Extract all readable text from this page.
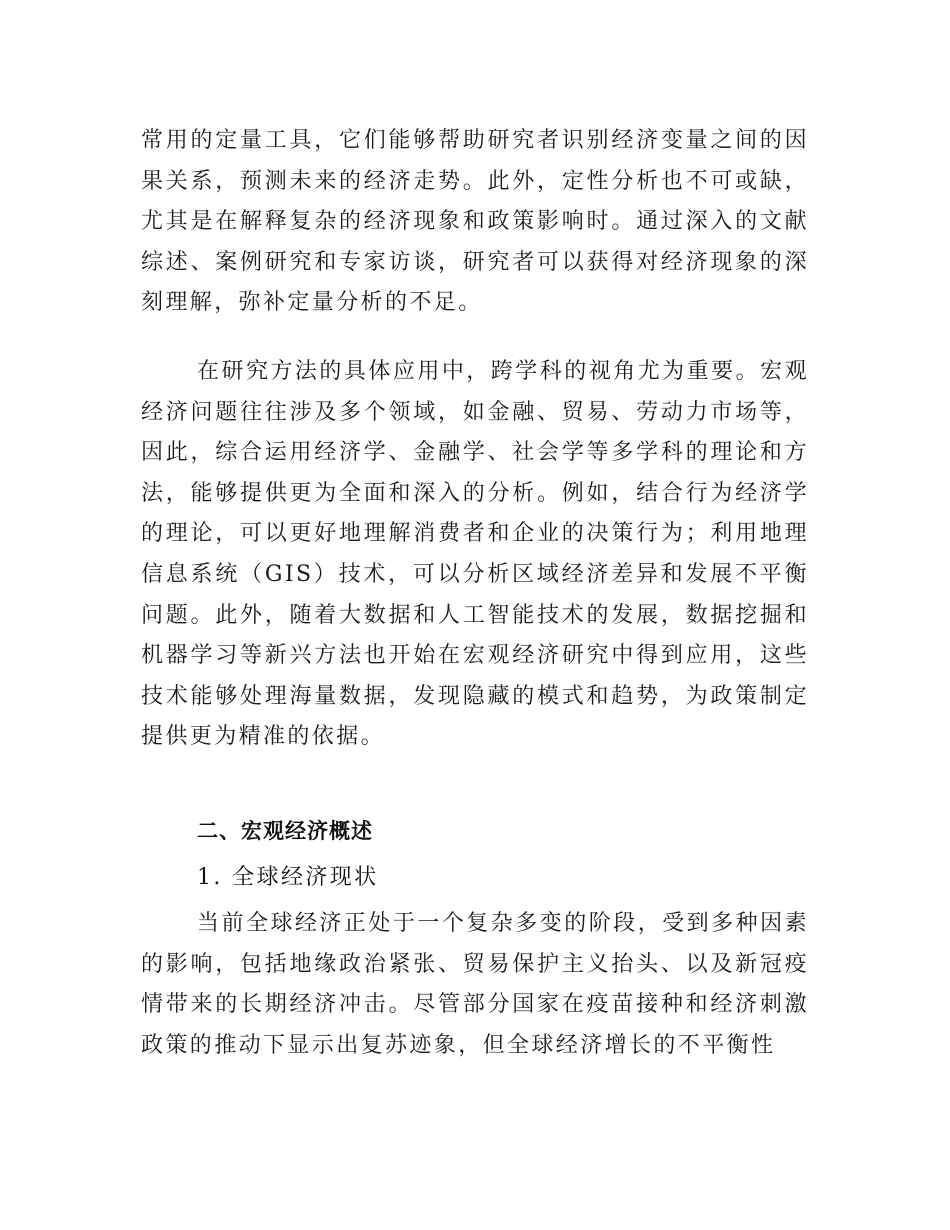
常用的定量工具，它们能够帮助研究者识别经济变量之间的因果关系，预测未来的经济走势。此外，定性分析也不可或缺，尤其是在解释复杂的经济现象和政策影响时。通过深入的文献综述、案例研究和专家访谈，研究者可以获得对经济现象的深刻理解，弥补定量分析的不足。

在研究方法的具体应用中，跨学科的视角尤为重要。宏观经济问题往往涉及多个领域，如金融、贸易、劳动力市场等，因此，综合运用经济学、金融学、社会学等多学科的理论和方法，能够提供更为全面和深入的分析。例如，结合行为经济学的理论，可以更好地理解消费者和企业的决策行为；利用地理信息系统（GIS）技术，可以分析区域经济差异和发展不平衡问题。此外，随着大数据和人工智能技术的发展，数据挖掘和机器学习等新兴方法也开始在宏观经济研究中得到应用，这些技术能够处理海量数据，发现隐藏的模式和趋势，为政策制定提供更为精准的依据。

二、宏观经济概述

1. 全球经济现状

当前全球经济正处于一个复杂多变的阶段，受到多种因素的影响，包括地缘政治紧张、贸易保护主义抬头、以及新冠疫情带来的长期经济冲击。尽管部分国家在疫苗接种和经济刺激政策的推动下显示出复苏迹象，但全球经济增长的不平衡性
